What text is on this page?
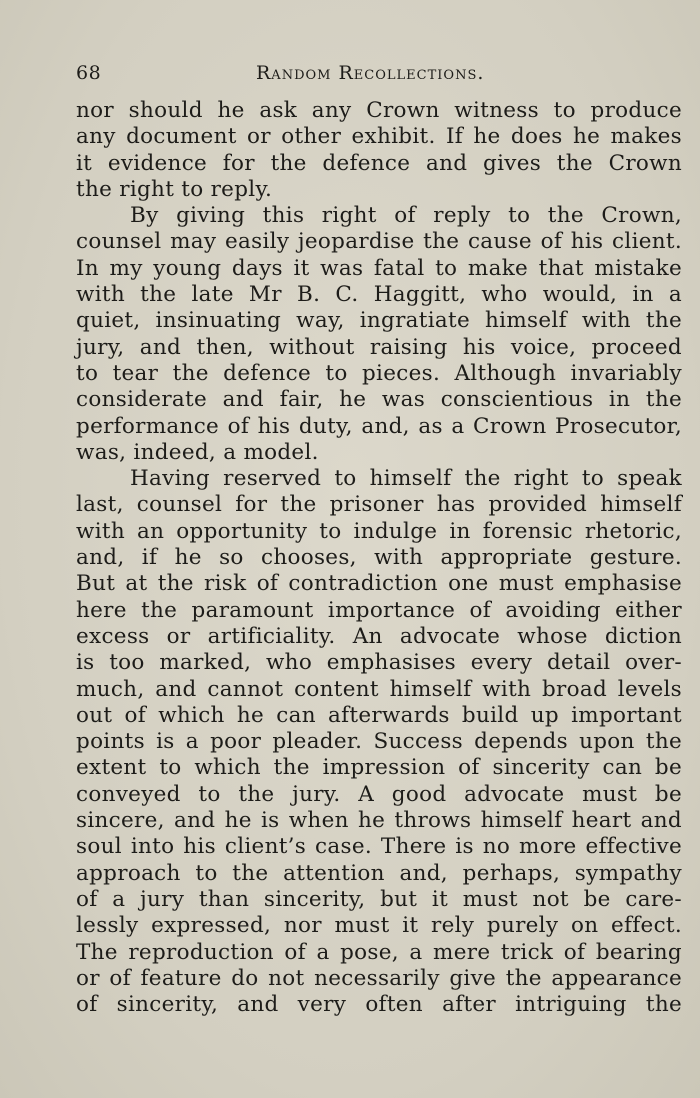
68	Random Recollections.
nor should he ask any Crown witness to produce
any document or other exhibit. If he does he makes
it evidence for the defence and gives the Crown
the right to reply.
By giving this right of reply to the Crown,
counsel may easily jeopardise the cause of his client.
In my young days it was fatal to make that mistake
with the late Mr B. C. Haggitt, who would, in a
quiet, insinuating way, ingratiate himself with the
jury, and then, without raising his voice, proceed
to tear the defence to pieces. Although invariably
considerate and fair, he was conscientious in the
performance of his duty, and, as a Crown Prosecutor,
was, indeed, a model.
Having reserved to himself the right to speak
last, counsel for the prisoner has provided himself
with an opportunity to indulge in forensic rhetoric,
and, if he so chooses, with appropriate gesture.
But at the risk of contradiction one must emphasise
here the paramount importance of avoiding either
excess or artificiality. An advocate whose diction
is too marked, who emphasises every detail over-
much, and cannot content himself with broad levels
out of which he can afterwards build up important
points is a poor pleader. Success depends upon the
extent to which the impression of sincerity can be
conveyed to the jury. A good advocate must be
sincere, and he is when he throws himself heart and
soul into his client’s case. There is no more effective
approach to the attention and, perhaps, sympathy
of a jury than sincerity, but it must not be care-
lessly expressed, nor must it rely purely on effect.
The reproduction of a pose, a mere trick of bearing
or of feature do not necessarily give the appearance
of sincerity, and very often after intriguing the
